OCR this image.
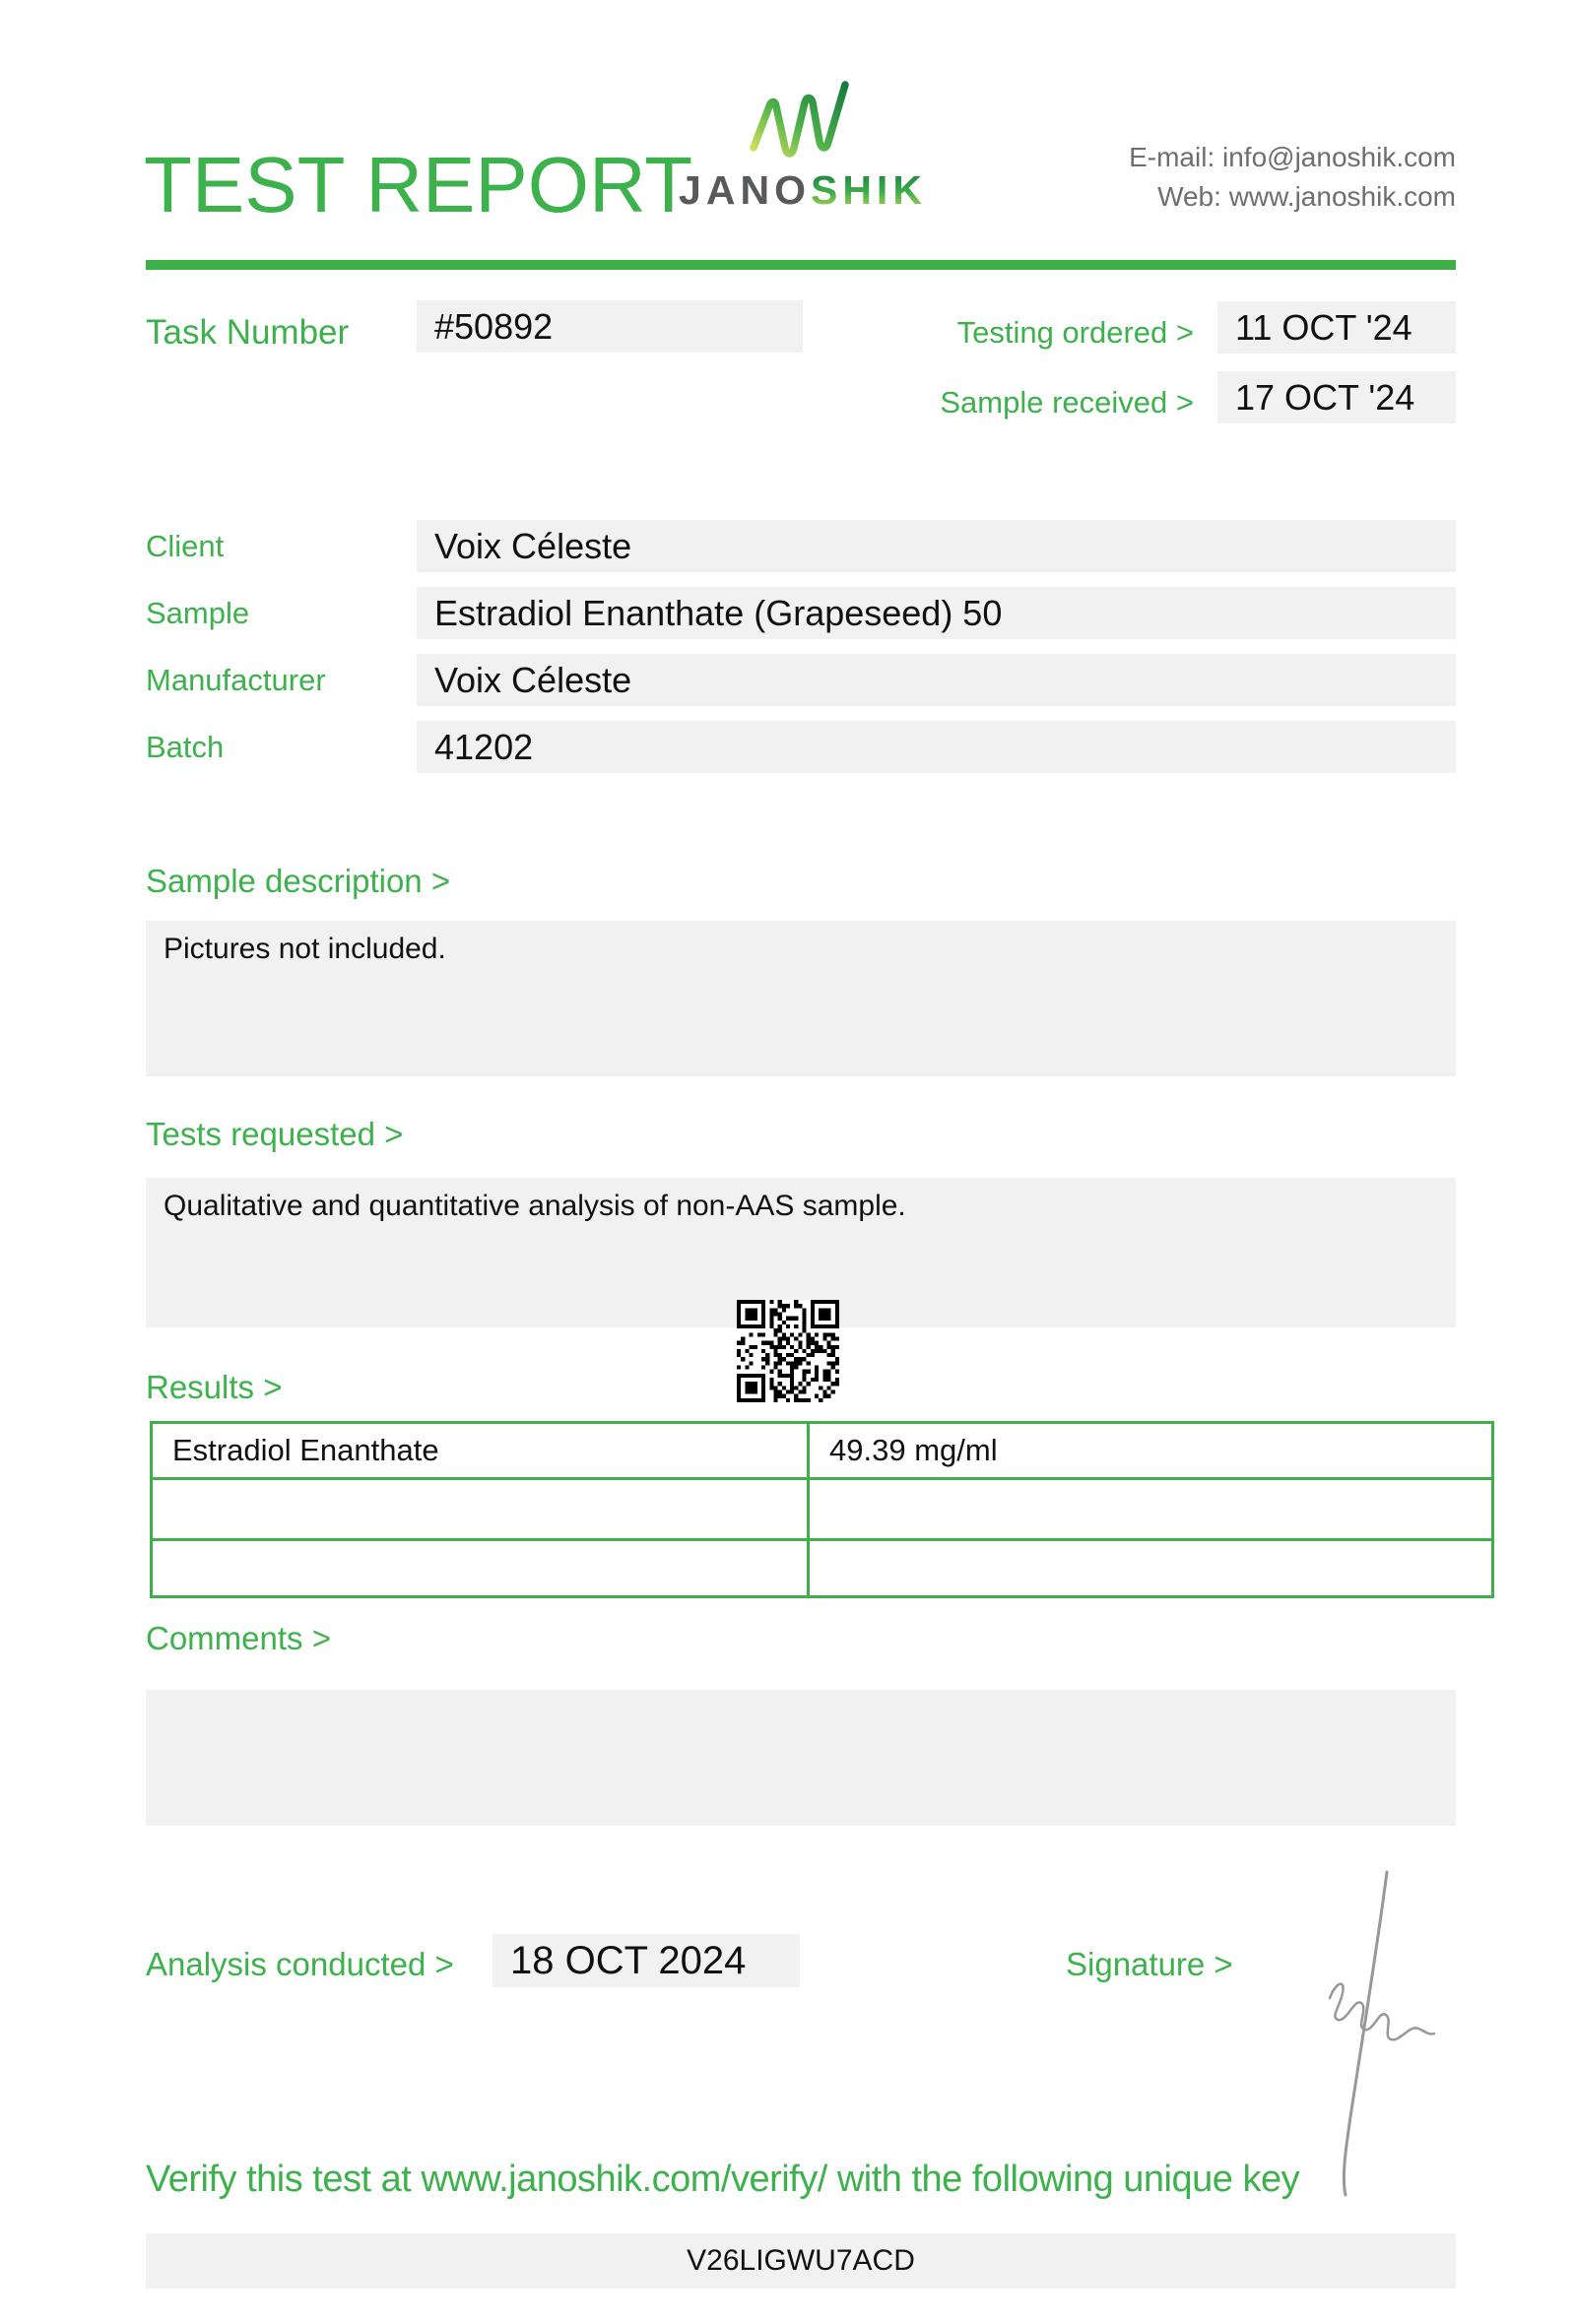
TEST REPORT
JANOSHIK
E-mail: info@janoshik.com
Web: www.janoshik.com
Task Number	#50892	Testing ordered >	11 OCT '24
Sample received >	17 OCT '24
Client	Voix Céleste
Sample	Estradiol Enanthate (Grapeseed) 50
Manufacturer	Voix Céleste
Batch	41202
Sample description >
Pictures not included.
Tests requested >
Qualitative and quantitative analysis of non-AAS sample.
Results >
Estradiol Enanthate	49.39 mg/ml

Comments >
Analysis conducted >	18 OCT 2024	Signature >
Verify this test at www.janoshik.com/verify/ with the following unique key
V26LIGWU7ACD
